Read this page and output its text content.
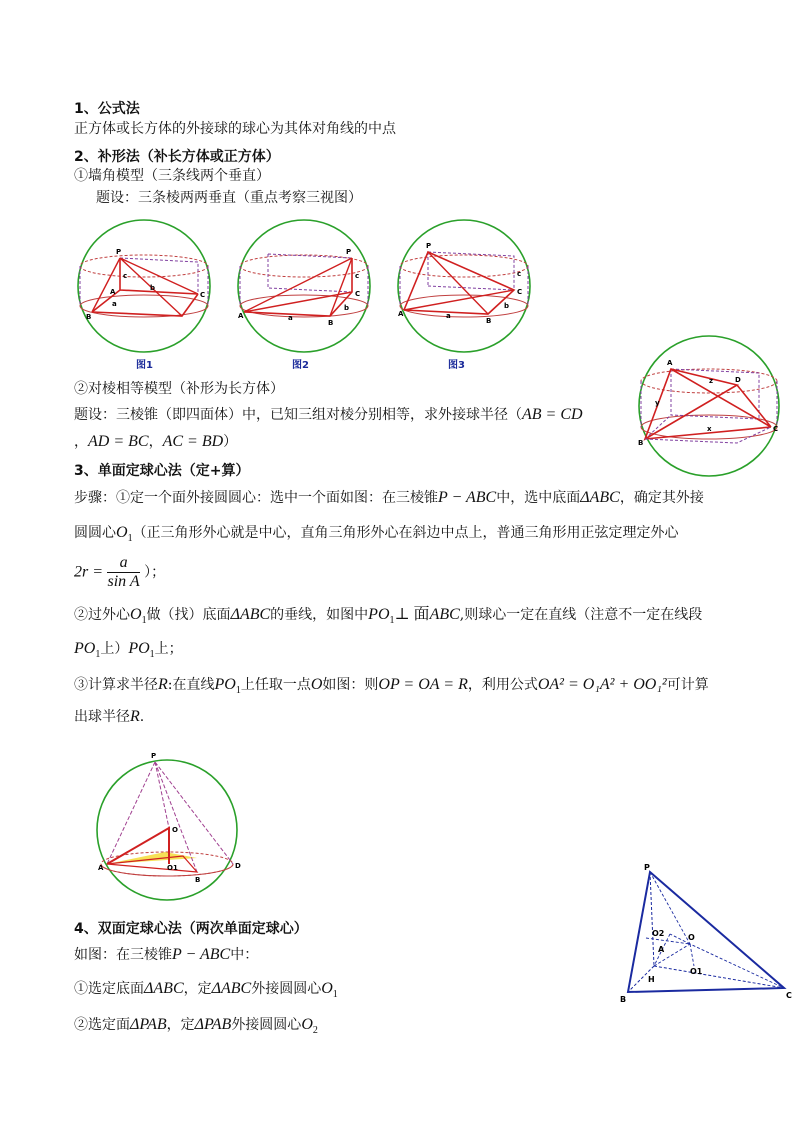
1、公式法
正方体或长方体的外接球的球心为其体对角线的中点
2、补形法（补长方体或正方体）
①墙角模型（三条线两个垂直）
题设：三条棱两两垂直（重点考察三视图）
P
A
B
C
a
b
c
图1
P
A
B
C
a
b
c
图2
P
A
B
C
a
b
c
图3	A
B
C
D
x
y
z
②对棱相等模型（补形为长方体）
题设：三棱锥（即四面体）中，已知三组对棱分别相等，求外接球半径（AB = CD
，AD = BC，AC = BD）
3、单面定球心法（定+算）
步骤：①定一个面外接圆圆心：选中一个面如图：在三棱锥P − ABC中，选中底面ΔABC，确定其外接
圆圆心$O_1$（正三角形外心就是中心，直角三角形外心在斜边中点上，普通三角形用正弦定理定外心
$2r = \frac{a}{\text{sin A}}$ ）；
②过外心$O_1$做（找）底面ΔABC的垂线，如图中$PO_1\perp$ 面ABC,则球心一定在直线（注意不一定在线段
$PO_1$上）$PO_1$上；
③计算求半径R:在直线$PO_1$上任取一点O如图：则OP = OA = R，利用公式OA² = O₁A² + OO₁²可计算
出球半径R.
P
O
A
B
D
O1	P
O2	O
A
O1
H
B	C
4、双面定球心法（两次单面定球心）
如图：在三棱锥P − ABC中：
①选定底面ΔABC，定ΔABC外接圆圆心$O_1$
②选定面ΔPAB，定ΔPAB外接圆圆心$O_2$
